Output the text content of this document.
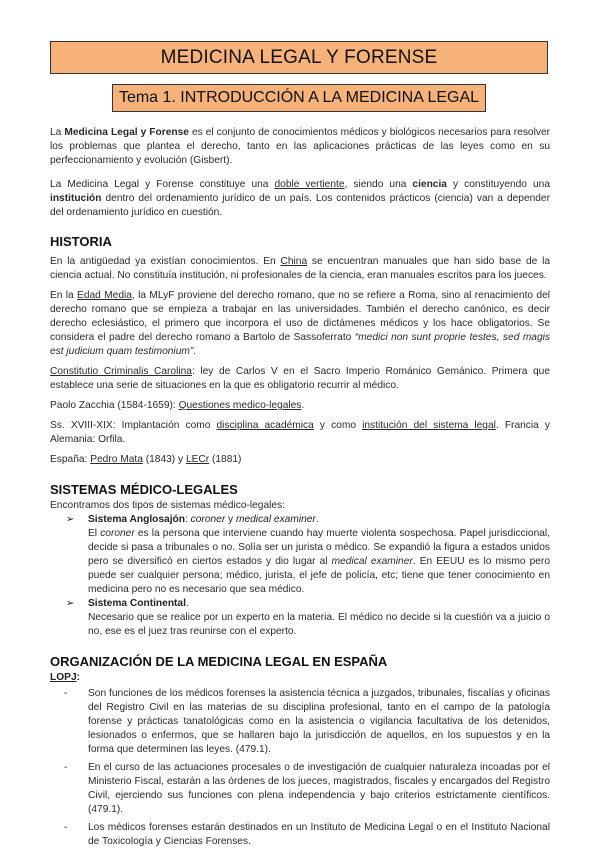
MEDICINA LEGAL Y FORENSE
Tema 1. INTRODUCCIÓN A LA MEDICINA LEGAL

La Medicina Legal y Forense es el conjunto de conocimientos médicos y biológicos necesarios para resolver los problemas que plantea el derecho, tanto en las aplicaciones prácticas de las leyes como en su perfeccionamiento y evolución (Gisbert).

La Medicina Legal y Forense constituye una doble vertiente, siendo una ciencia y constituyendo una institución dentro del ordenamiento jurídico de un país. Los contenidos prácticos (ciencia) van a depender del ordenamiento jurídico en cuestión.

HISTORIA

En la antigüedad ya existían conocimientos. En China se encuentran manuales que han sido base de la ciencia actual. No constituía institución, ni profesionales de la ciencia, eran manuales escritos para los jueces.

En la Edad Media, la MLyF proviene del derecho romano, que no se refiere a Roma, sino al renacimiento del derecho romano que se empieza a trabajar en las universidades. También el derecho canónico, es decir derecho eclesiástico, el primero que incorpora el uso de dictámenes médicos y los hace obligatorios. Se considera el padre del derecho romano a Bartolo de Sassoferrato “medici non sunt proprie testes, sed magis est judicium quam testimonium”.

Constitutio Criminalis Carolina: ley de Carlos V en el Sacro Imperio Románico Gemánico. Primera que establece una serie de situaciones en la que es obligatorio recurrir al médico.

Paolo Zacchia (1584-1659): Questiones medico-legales.

Ss. XVIII-XIX: Implantación como disciplina académica y como institución del sistema legal. Francia y Alemania: Orfila.

España: Pedro Mata (1843) y LECr (1881)

SISTEMAS MÉDICO-LEGALES

Encontramos dos tipos de sistemas médico-legales:

➢ Sistema Anglosajón: coroner y medical examiner.

El coroner es la persona que interviene cuando hay muerte violenta sospechosa. Papel jurisdiccional, decide si pasa a tribunales o no. Solía ser un jurista o médico. Se expandió la figura a estados unidos pero se diversificó en ciertos estados y dio lugar al medical examiner. En EEUU es lo mismo pero puede ser cualquier persona; médico, jurista, el jefe de policía, etc; tiene que tener conocimiento en medicina pero no es necesario que sea médico.

➢ Sistema Continental.

Necesario que se realice por un experto en la materia. El médico no decide si la cuestión va a juicio o no, ese es el juez tras reunirse con el experto.

ORGANIZACIÓN DE LA MEDICINA LEGAL EN ESPAÑA
LOPJ:
- Son funciones de los médicos forenses la asistencia técnica a juzgados, tribunales, fiscalías y oficinas del Registro Civil en las materias de su disciplina profesional, tanto en el campo de la patología forense y prácticas tanatológicas como en la asistencia o vigilancia facultativa de los detenidos, lesionados o enfermos, que se hallaren bajo la jurisdicción de aquellos, en los supuestos y en la forma que determinen las leyes. (479.1).

- En el curso de las actuaciones procesales o de investigación de cualquier naturaleza incoadas por el Ministerio Fiscal, estarán a las órdenes de los jueces, magistrados, fiscales y encargados del Registro Civil, ejerciendo sus funciones con plena independencia y bajo criterios estrictamente científicos. (479.1).

- Los médicos forenses estarán destinados en un Instituto de Medicina Legal o en el Instituto Nacional de Toxicología y Ciencias Forenses.
